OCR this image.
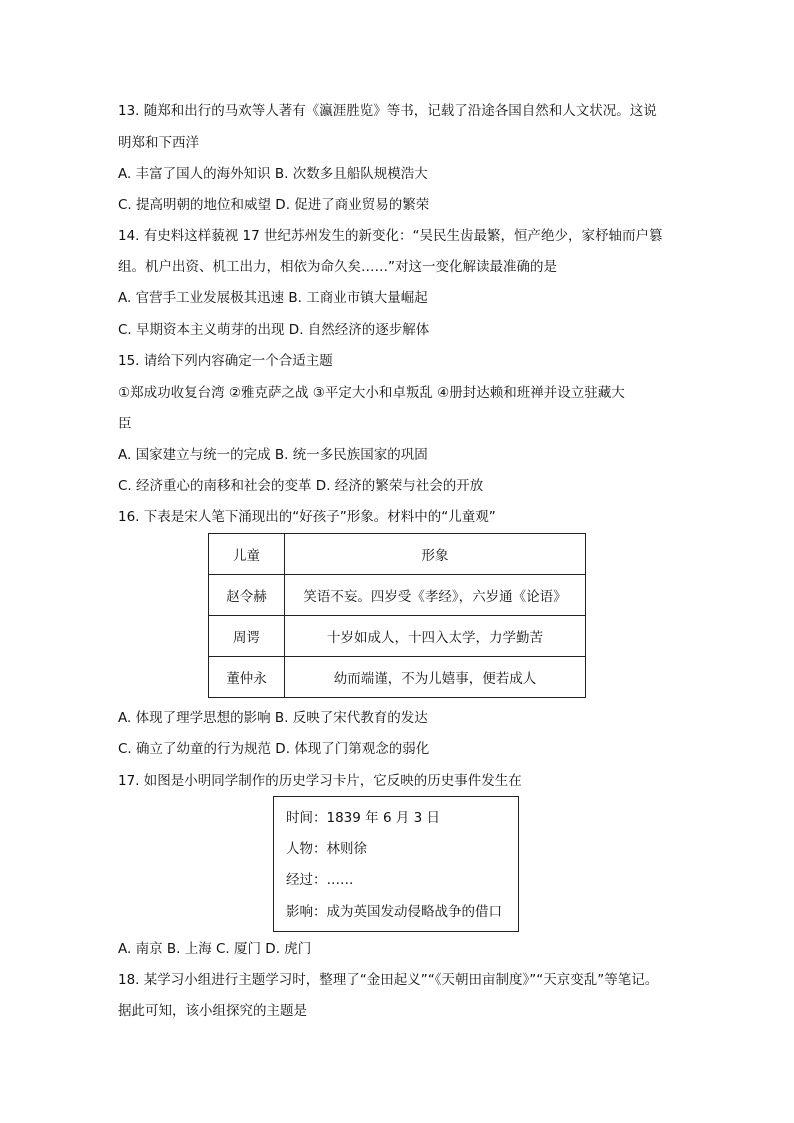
13. 随郑和出行的马欢等人著有《瀛涯胜览》等书，记载了沿途各国自然和人文状况。这说
明郑和下西洋
A. 丰富了国人的海外知识 B. 次数多且船队规模浩大
C. 提高明朝的地位和威望 D. 促进了商业贸易的繁荣
14. 有史料这样藐视 17 世纪苏州发生的新变化：“吴民生齿最繁，恒产绝少，家杼轴而户篡
组。机户出资、机工出力，相依为命久矣……”对这一变化解读最准确的是
A. 官营手工业发展极其迅速 B. 工商业市镇大量崛起
C. 早期资本主义萌芽的出现 D. 自然经济的逐步解体
15. 请给下列内容确定一个合适主题
①郑成功收复台湾 ②雅克萨之战 ③平定大小和卓叛乱 ④册封达赖和班禅并设立驻藏大
臣
A. 国家建立与统一的完成 B. 统一多民族国家的巩固
C. 经济重心的南移和社会的变革 D. 经济的繁荣与社会的开放
16. 下表是宋人笔下涌现出的“好孩子”形象。材料中的“儿童观”
儿童	形象
赵令赫	笑语不妄。四岁受《孝经》，六岁通《论语》
周谔	十岁如成人，十四入太学，力学勤苦
董仲永	幼而端谨，不为儿嬉事，便若成人
A. 体现了理学思想的影响 B. 反映了宋代教育的发达
C. 确立了幼童的行为规范 D. 体现了门第观念的弱化
17. 如图是小明同学制作的历史学习卡片，它反映的历史事件发生在
时间：1839 年 6 月 3 日
人物：林则徐
经过：……
影响：成为英国发动侵略战争的借口
A. 南京 B. 上海 C. 厦门 D. 虎门
18. 某学习小组进行主题学习时，整理了“金田起义”“《天朝田亩制度》”“天京变乱”等笔记。
据此可知，该小组探究的主题是
